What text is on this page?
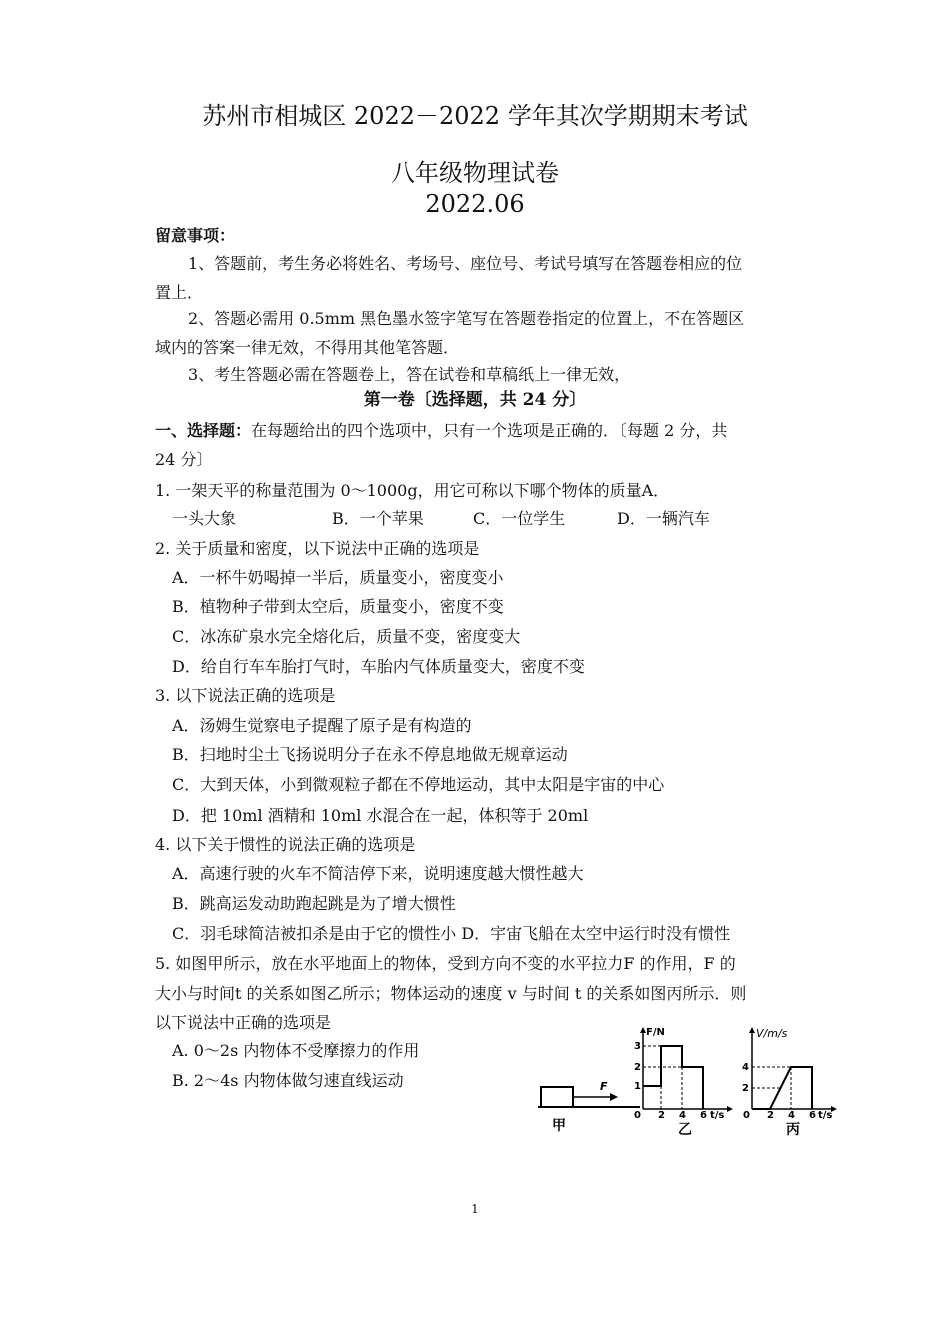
苏州市相城区 2022－2022 学年其次学期期末考试
八年级物理试卷
2022.06
留意事项：
1、答题前，考生务必将姓名、考场号、座位号、考试号填写在答题卷相应的位
置上．
2、答题必需用 0.5mm 黑色墨水签字笔写在答题卷指定的位置上，不在答题区
域内的答案一律无效，不得用其他笔答题．
3、考生答题必需在答题卷上，答在试卷和草稿纸上一律无效，
第一卷〔选择题，共 24 分〕
一、选择题：在每题给出的四个选项中，只有一个选项是正确的．〔每题 2 分，共
24 分〕
1. 一架天平的称量范围为 0～1000g，用它可称以下哪个物体的质量A．
一头大象	B．一个苹果	C．一位学生	D．一辆汽车
2. 关于质量和密度，以下说法中正确的选项是
A．一杯牛奶喝掉一半后，质量变小，密度变小
B．植物种子带到太空后，质量变小，密度不变
C．冰冻矿泉水完全熔化后，质量不变，密度变大
D．给自行车车胎打气时，车胎内气体质量变大，密度不变
3. 以下说法正确的选项是
A．汤姆生觉察电子提醒了原子是有构造的
B．扫地时尘土飞扬说明分子在永不停息地做无规章运动
C．大到天体，小到微观粒子都在不停地运动，其中太阳是宇宙的中心
D．把 10ml 酒精和 10ml 水混合在一起，体积等于 20ml
4. 以下关于惯性的说法正确的选项是
A．高速行驶的火车不简洁停下来，说明速度越大惯性越大
B．跳高运发动助跑起跳是为了增大惯性
C．羽毛球简洁被扣杀是由于它的惯性小 D．宇宙飞船在太空中运行时没有惯性
5. 如图甲所示，放在水平地面上的物体，受到方向不变的水平拉力F 的作用，F 的
大小与时间t 的关系如图乙所示；物体运动的速度 v 与时间 t 的关系如图丙所示．则
以下说法中正确的选项是
A. 0～2s 内物体不受摩擦力的作用
B. 2～4s 内物体做匀速直线运动	F
甲
F/N
3
2
1
0 2 4 6 t/s
乙
V/m/s
4
2
0 2 4 6 t/s
丙
1
